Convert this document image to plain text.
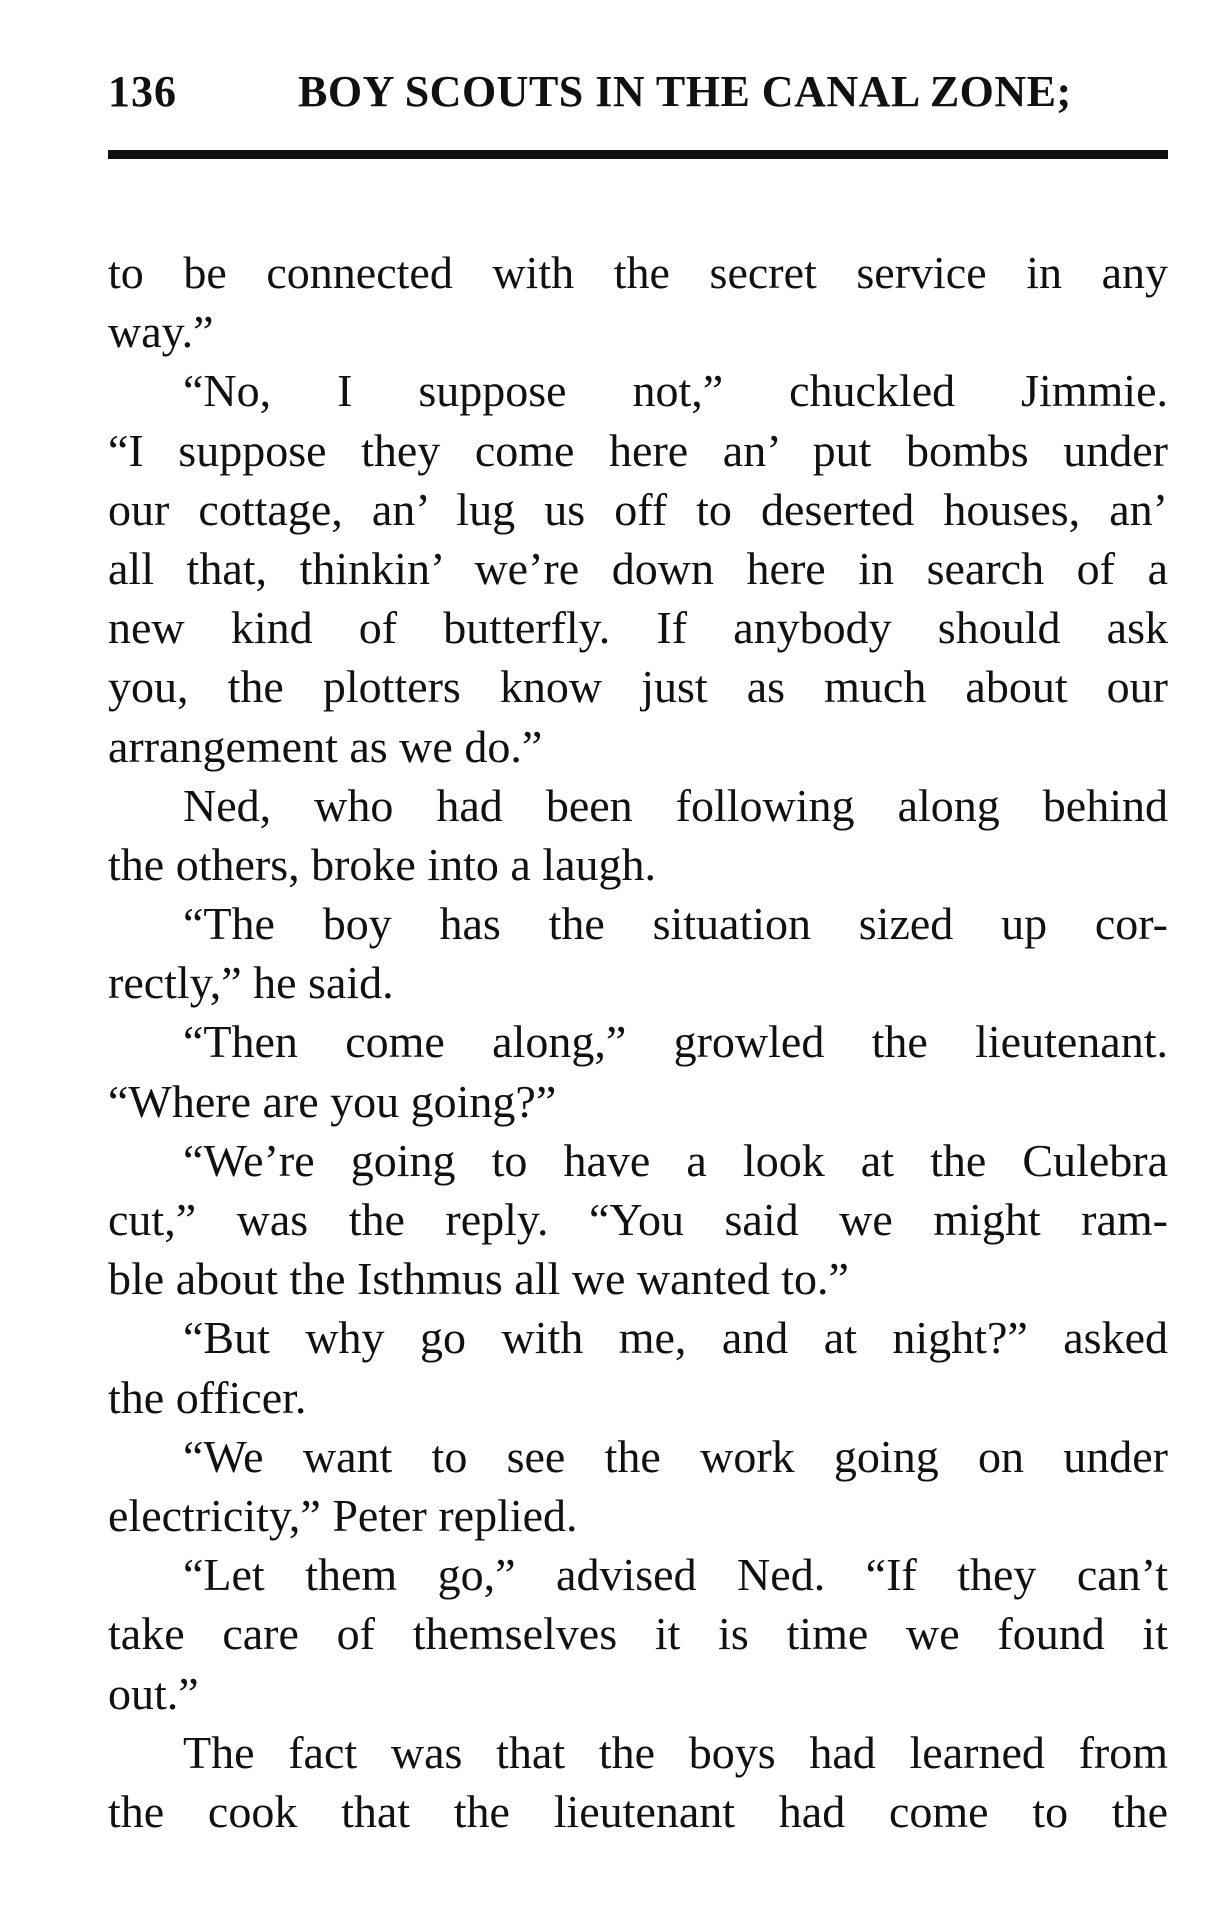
136	BOY SCOUTS IN THE CANAL ZONE;
to be connected with the secret service in any
way.”
“No, I suppose not,” chuckled Jimmie.
“I suppose they come here an’ put bombs under
our cottage, an’ lug us off to deserted houses, an’
all that, thinkin’ we’re down here in search of a
new kind of butterfly. If anybody should ask
you, the plotters know just as much about our
arrangement as we do.”
Ned, who had been following along behind
the others, broke into a laugh.
“The boy has the situation sized up cor-
rectly,” he said.
“Then come along,” growled the lieutenant.
“Where are you going?”
“We’re going to have a look at the Culebra
cut,” was the reply. “You said we might ram-
ble about the Isthmus all we wanted to.”
“But why go with me, and at night?” asked
the officer.
“We want to see the work going on under
electricity,” Peter replied.
“Let them go,” advised Ned. “If they can’t
take care of themselves it is time we found it
out.”
The fact was that the boys had learned from
the cook that the lieutenant had come to the
